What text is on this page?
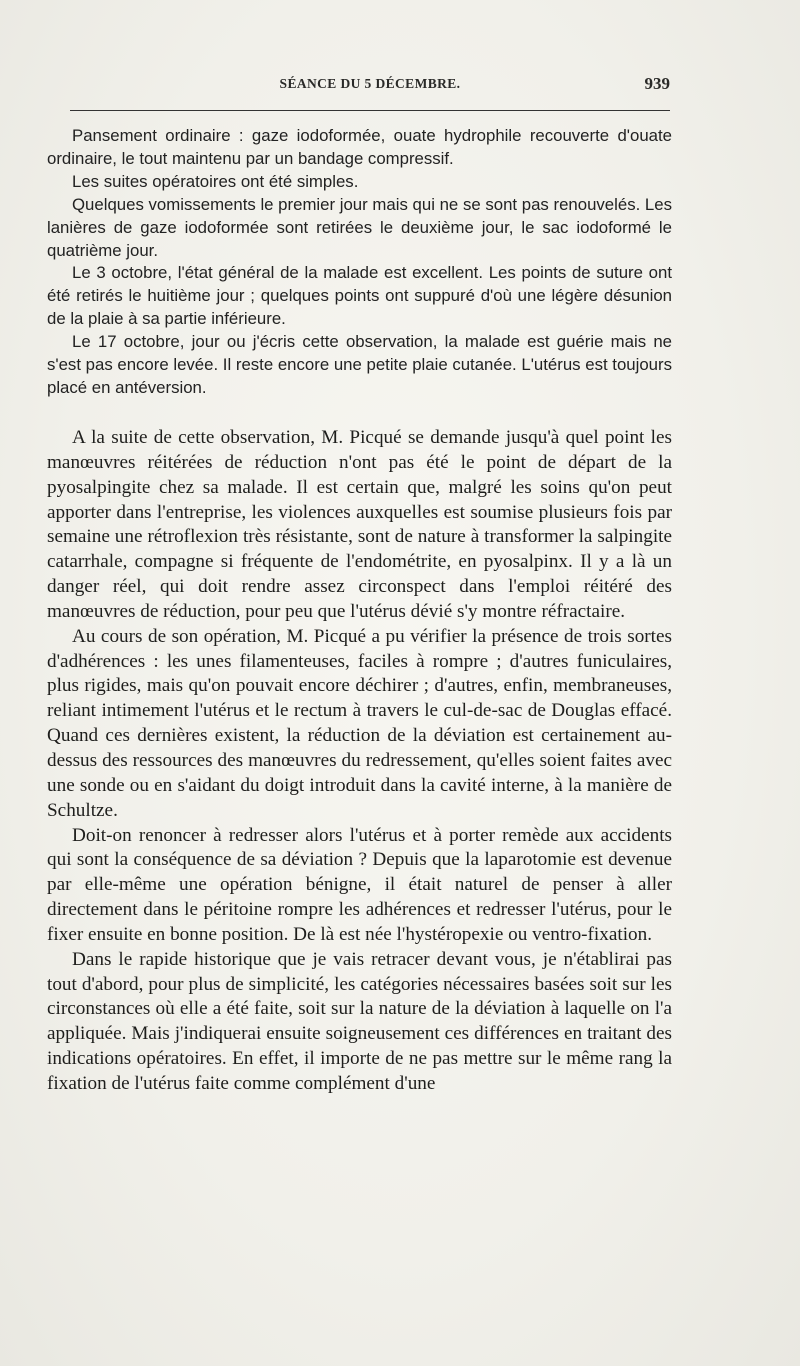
SÉANCE DU 5 DÉCEMBRE.	939

Pansement ordinaire : gaze iodoformée, ouate hydrophile recouverte d'ouate ordinaire, le tout maintenu par un bandage compressif.

Les suites opératoires ont été simples.

Quelques vomissements le premier jour mais qui ne se sont pas renouvelés. Les lanières de gaze iodoformée sont retirées le deuxième jour, le sac iodoformé le quatrième jour.

Le 3 octobre, l'état général de la malade est excellent. Les points de suture ont été retirés le huitième jour ; quelques points ont suppuré d'où une légère désunion de la plaie à sa partie inférieure.

Le 17 octobre, jour ou j'écris cette observation, la malade est guérie mais ne s'est pas encore levée. Il reste encore une petite plaie cutanée. L'utérus est toujours placé en antéversion.

A la suite de cette observation, M. Picqué se demande jusqu'à quel point les manœuvres réitérées de réduction n'ont pas été le point de départ de la pyosalpingite chez sa malade. Il est certain que, malgré les soins qu'on peut apporter dans l'entreprise, les violences auxquelles est soumise plusieurs fois par semaine une rétroflexion très résistante, sont de nature à transformer la salpingite catarrhale, compagne si fréquente de l'endométrite, en pyosalpinx. Il y a là un danger réel, qui doit rendre assez circonspect dans l'emploi réitéré des manœuvres de réduction, pour peu que l'utérus dévié s'y montre réfractaire.

Au cours de son opération, M. Picqué a pu vérifier la présence de trois sortes d'adhérences : les unes filamenteuses, faciles à rompre ; d'autres funiculaires, plus rigides, mais qu'on pouvait encore déchirer ; d'autres, enfin, membraneuses, reliant intimement l'utérus et le rectum à travers le cul-de-sac de Douglas effacé. Quand ces dernières existent, la réduction de la déviation est certainement au-dessus des ressources des manœuvres du redressement, qu'elles soient faites avec une sonde ou en s'aidant du doigt introduit dans la cavité interne, à la manière de Schultze.

Doit-on renoncer à redresser alors l'utérus et à porter remède aux accidents qui sont la conséquence de sa déviation ? Depuis que la laparotomie est devenue par elle-même une opération bénigne, il était naturel de penser à aller directement dans le péritoine rompre les adhérences et redresser l'utérus, pour le fixer ensuite en bonne position. De là est née l'hystéropexie ou ventro-fixation.

Dans le rapide historique que je vais retracer devant vous, je n'établirai pas tout d'abord, pour plus de simplicité, les catégories nécessaires basées soit sur les circonstances où elle a été faite, soit sur la nature de la déviation à laquelle on l'a appliquée. Mais j'indiquerai ensuite soigneusement ces différences en traitant des indications opératoires. En effet, il importe de ne pas mettre sur le même rang la fixation de l'utérus faite comme complément d'une
